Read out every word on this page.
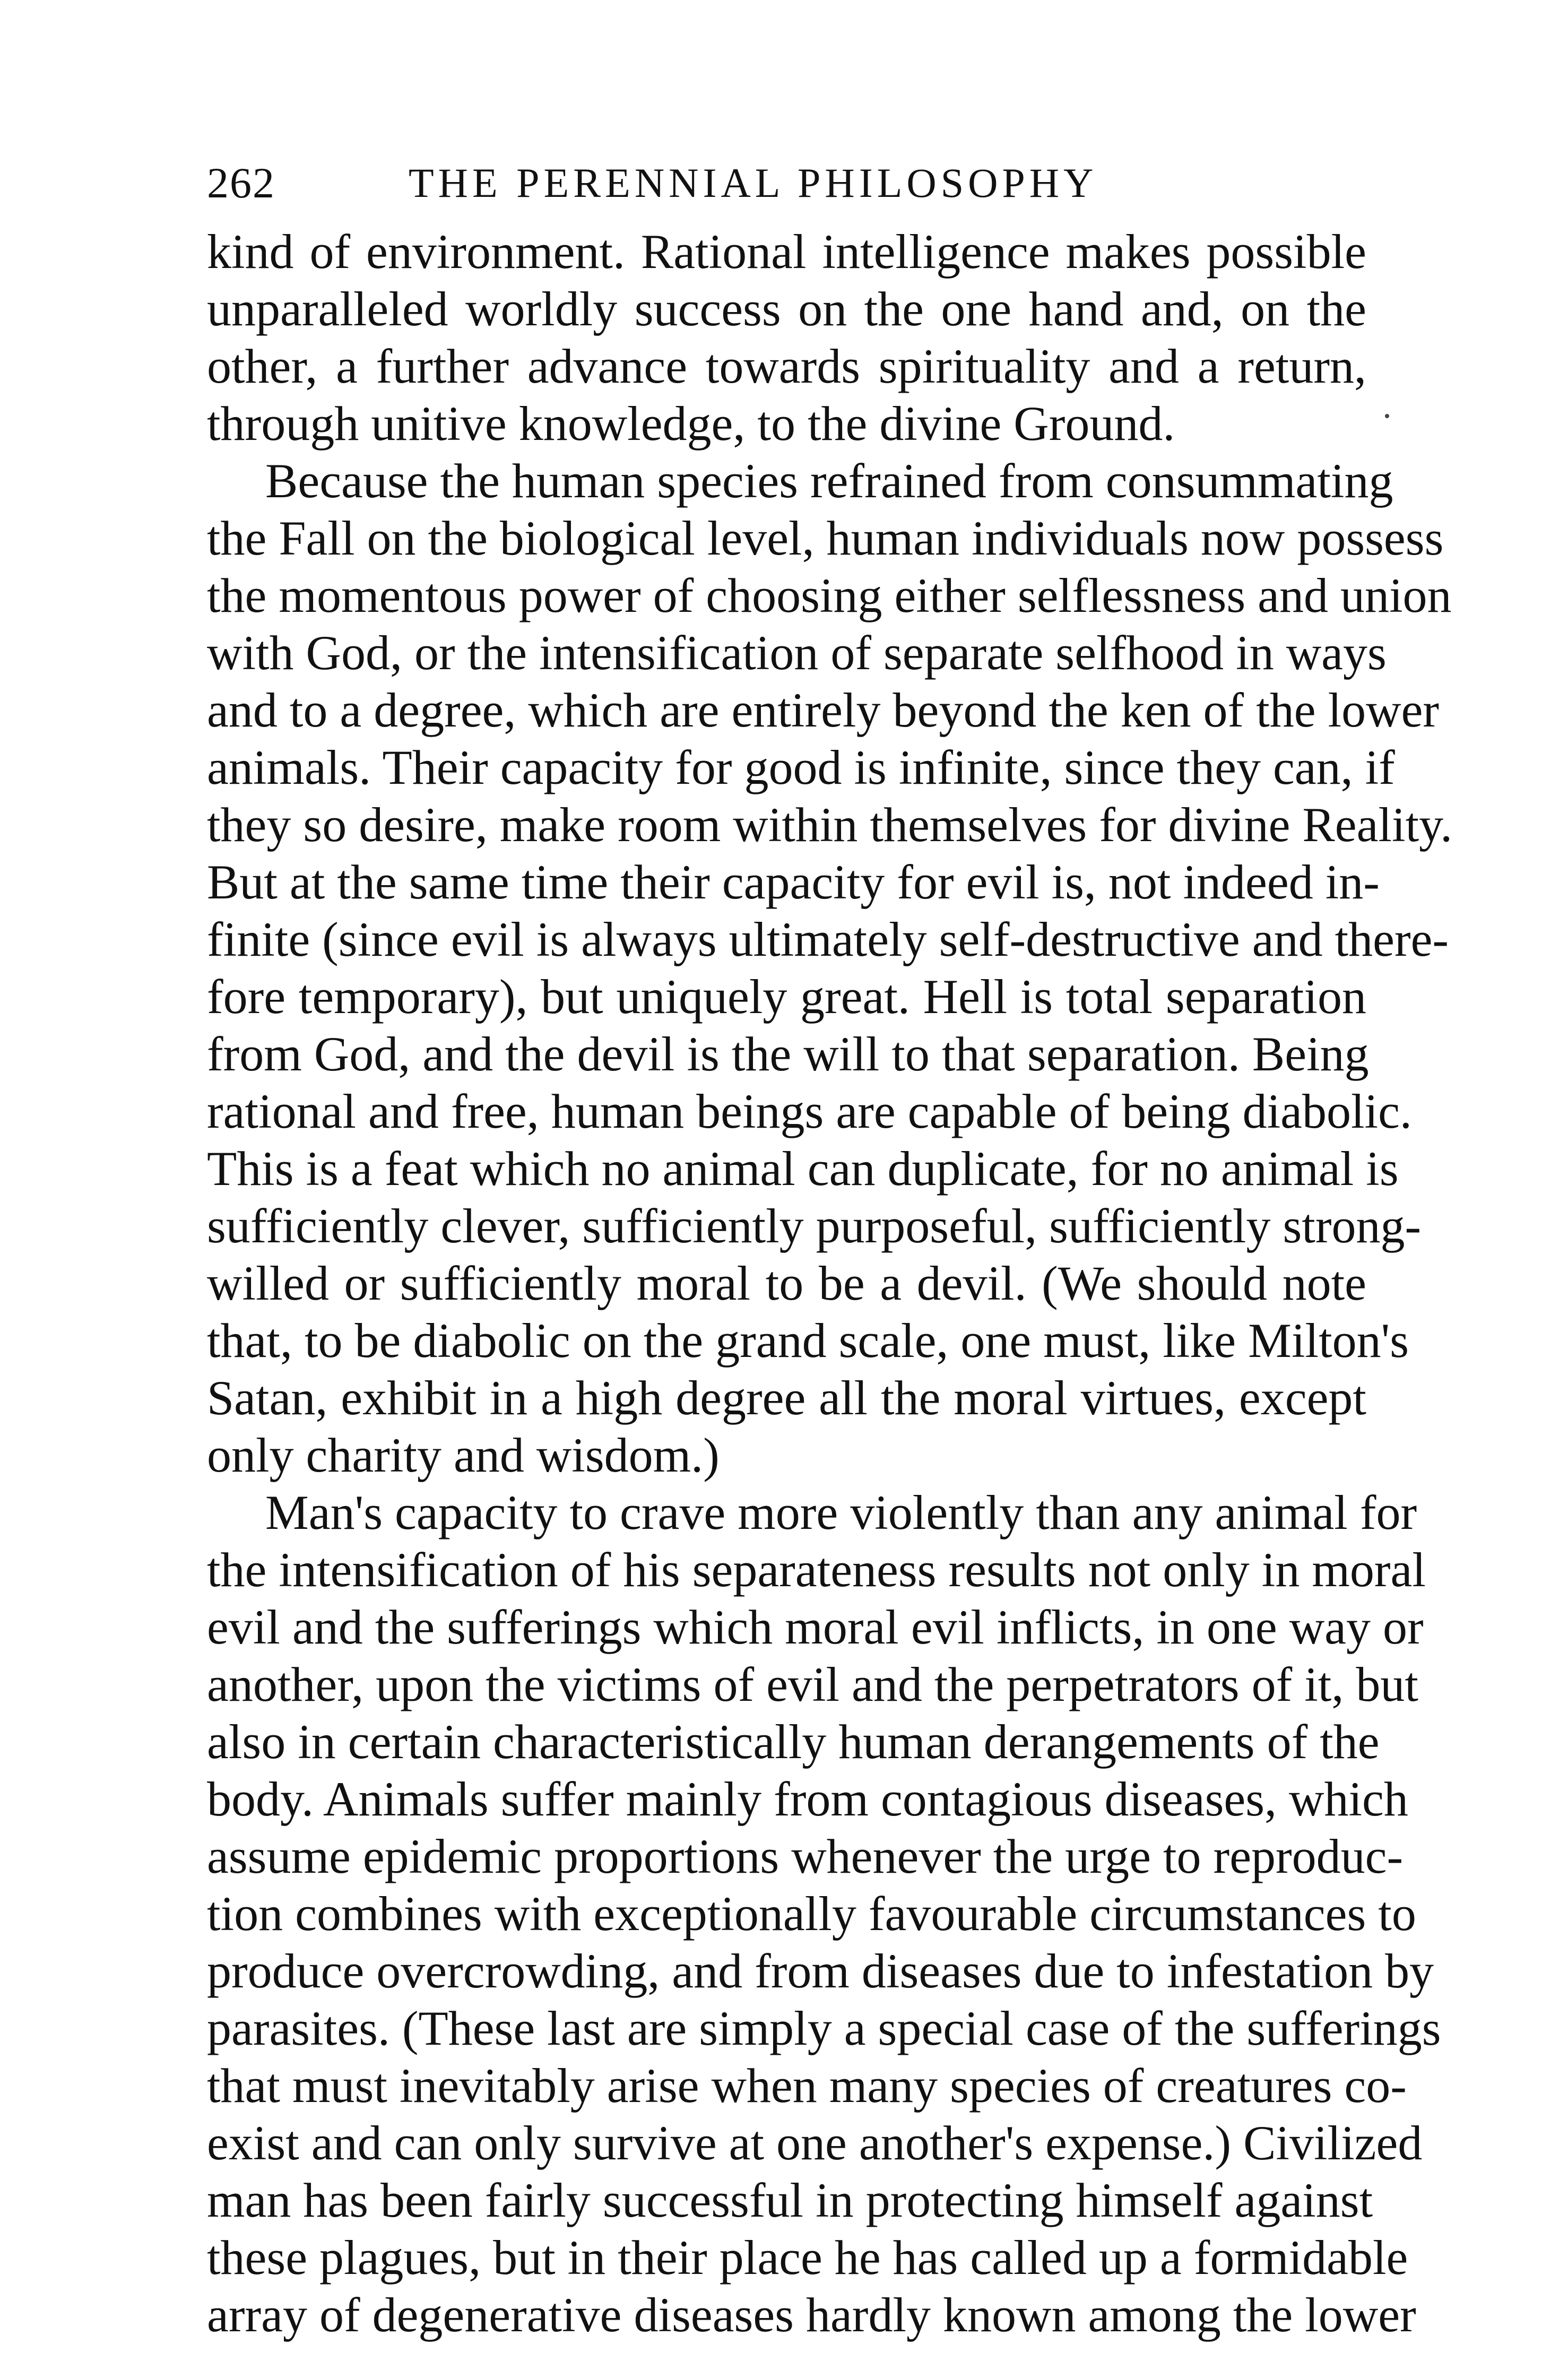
262	THE PERENNIAL PHILOSOPHY
kind of environment. Rational intelligence makes possible
unparalleled worldly success on the one hand and, on the
other, a further advance towards spirituality and a return,
through unitive knowledge, to the divine Ground.
Because the human species refrained from consummating
the Fall on the biological level, human individuals now possess
the momentous power of choosing either selflessness and union
with God, or the intensification of separate selfhood in ways
and to a degree, which are entirely beyond the ken of the lower
animals. Their capacity for good is infinite, since they can, if
they so desire, make room within themselves for divine Reality.
But at the same time their capacity for evil is, not indeed in-
finite (since evil is always ultimately self-destructive and there-
fore temporary), but uniquely great. Hell is total separation
from God, and the devil is the will to that separation. Being
rational and free, human beings are capable of being diabolic.
This is a feat which no animal can duplicate, for no animal is
sufficiently clever, sufficiently purposeful, sufficiently strong-
willed or sufficiently moral to be a devil. (We should note
that, to be diabolic on the grand scale, one must, like Milton's
Satan, exhibit in a high degree all the moral virtues, except
only charity and wisdom.)
Man's capacity to crave more violently than any animal for
the intensification of his separateness results not only in moral
evil and the sufferings which moral evil inflicts, in one way or
another, upon the victims of evil and the perpetrators of it, but
also in certain characteristically human derangements of the
body. Animals suffer mainly from contagious diseases, which
assume epidemic proportions whenever the urge to reproduc-
tion combines with exceptionally favourable circumstances to
produce overcrowding, and from diseases due to infestation by
parasites. (These last are simply a special case of the sufferings
that must inevitably arise when many species of creatures co-
exist and can only survive at one another's expense.) Civilized
man has been fairly successful in protecting himself against
these plagues, but in their place he has called up a formidable
array of degenerative diseases hardly known among the lower
